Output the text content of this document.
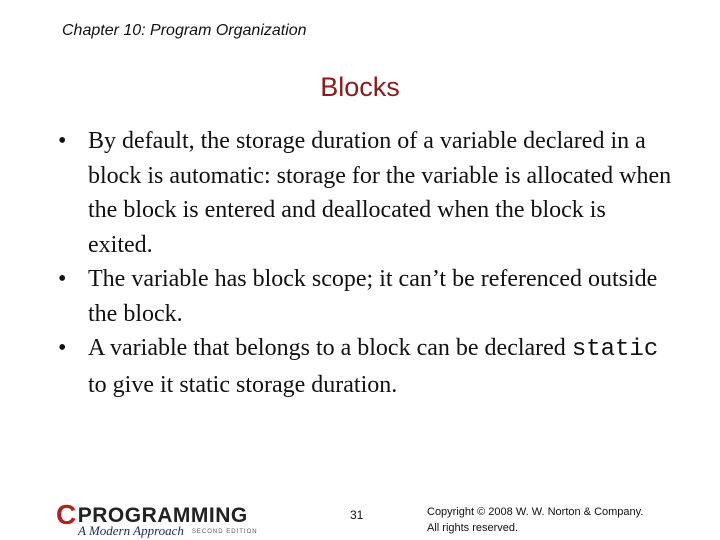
Chapter 10: Program Organization
Blocks
• By default, the storage duration of a variable declared in a block is automatic: storage for the variable is allocated when the block is entered and deallocated when the block is exited.
• The variable has block scope; it can’t be referenced outside the block.
• A variable that belongs to a block can be declared static to give it static storage duration.
CPROGRAMMING
A Modern Approach SECOND EDITION
31	Copyright © 2008 W. W. Norton & Company.
All rights reserved.
